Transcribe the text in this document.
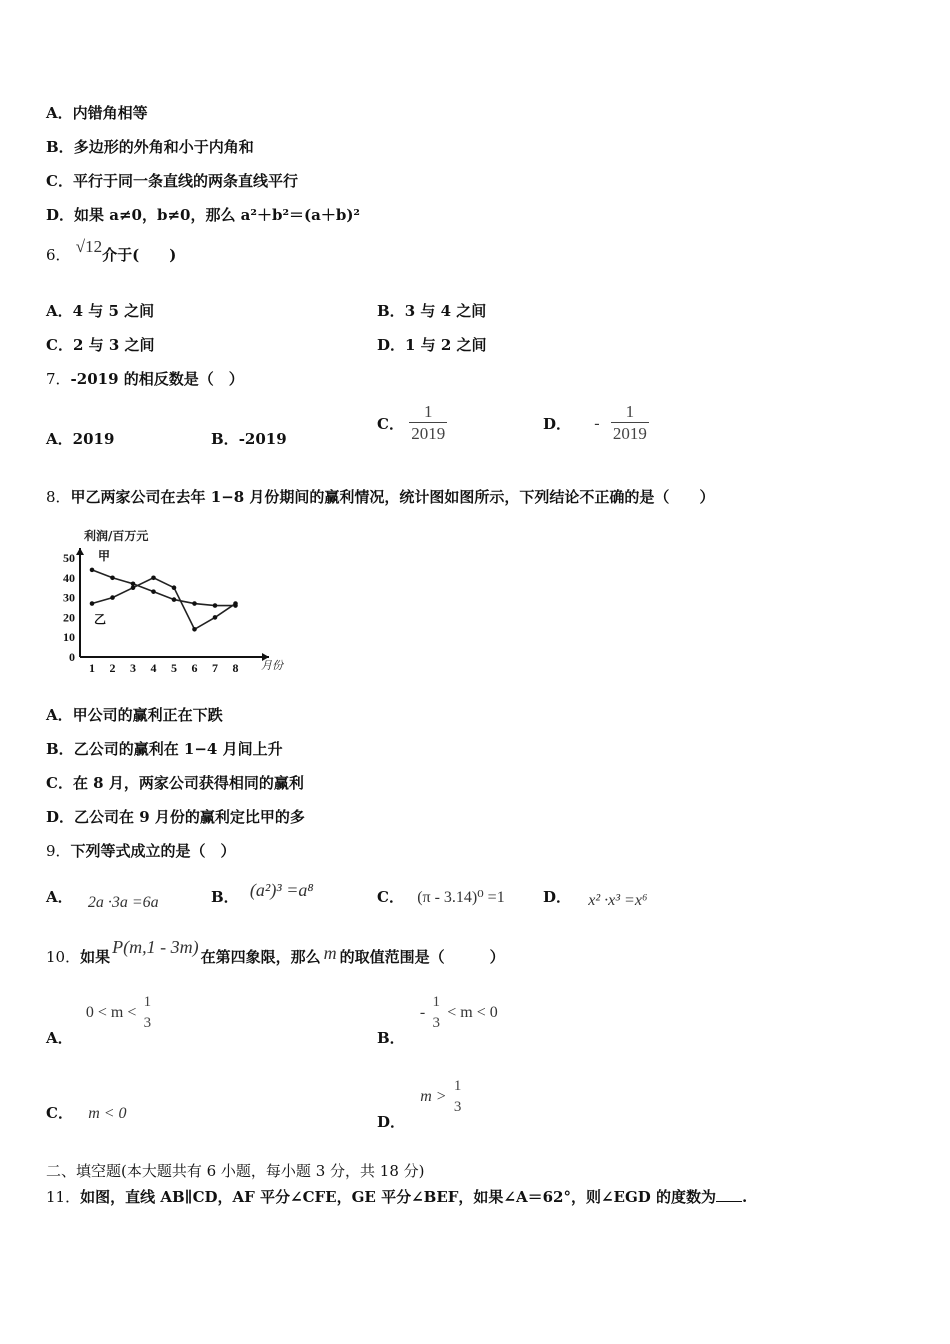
A．内错角相等
B．多边形的外角和小于内角和
C．平行于同一条直线的两条直线平行
D．如果 a≠0，b≠0，那么 a²＋b²＝(a＋b)²
6． √12介于(　　)
A．4 与 5 之间	B．3 与 4 之间
C．2 与 3 之间	D．1 与 2 之间
7．-2019 的相反数是（　）
A．2019	B．-2019
C． $\frac{1}{2019}$	D． - $\frac{1}{2019}$
8．甲乙两家公司在去年 1−8 月份期间的赢利情况，统计图如图所示，下列结论不正确的是（　　）
利润/百万元
0
10
20
30
40
50
1 2 3 4 5 6 7 8
甲
乙
月份
A．甲公司的赢利正在下跌
B．乙公司的赢利在 1−4 月间上升
C．在 8 月，两家公司获得相同的赢利
D．乙公司在 9 月份的赢利定比甲的多
9．下列等式成立的是（　）
A． 2a ·3a =6a	B． (a²)³ =a⁸	C． (π - 3.14)⁰ =1	D． x² ·x³ =x⁶
10．如果 P(m,1 - 3m) 在第四象限，那么 m 的取值范围是（　　　）
A． 0 < m <
1
3
B． -
1
3
< m < 0
C． m < 0	D． m >
1
3
二、填空题(本大题共有 6 小题，每小题 3 分，共 18 分)
11．如图，直线 AB∥CD，AF 平分∠CFE，GE 平分∠BEF，如果∠A＝62°，则∠EGD 的度数为 .
